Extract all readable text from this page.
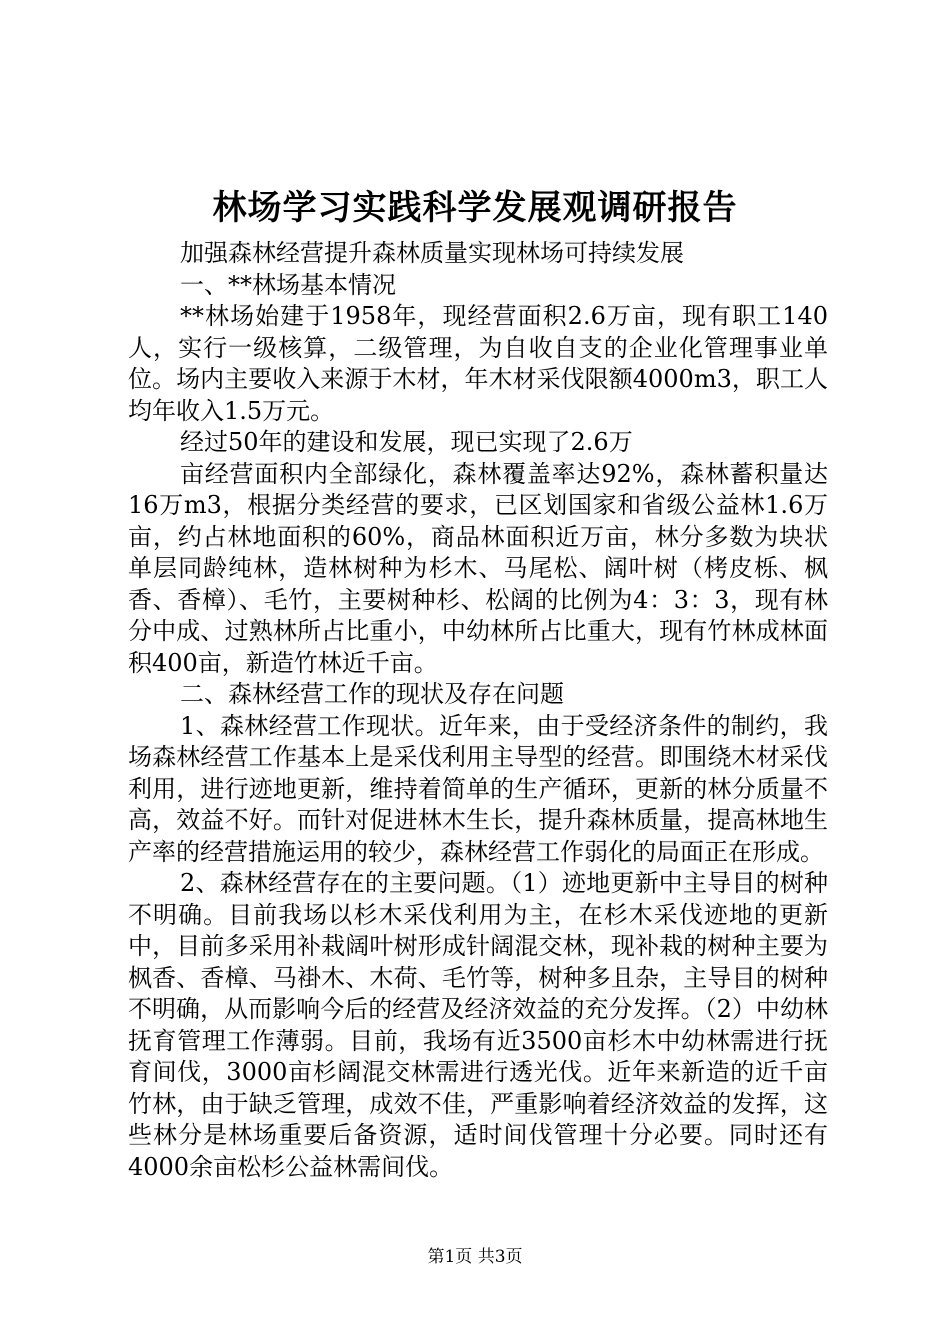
林场学习实践科学发展观调研报告

加强森林经营提升森林质量实现林场可持续发展

一、**林场基本情况

**林场始建于1958年，现经营面积2.6万亩，现有职工140人，实行一级核算，二级管理，为自收自支的企业化管理事业单位。场内主要收入来源于木材，年木材采伐限额4000m3，职工人均年收入1.5万元。

经过50年的建设和发展，现已实现了2.6万

亩经营面积内全部绿化，森林覆盖率达92%，森林蓄积量达16万m3，根据分类经营的要求，已区划国家和省级公益林1.6万亩，约占林地面积的60%，商品林面积近万亩，林分多数为块状单层同龄纯林，造林树种为杉木、马尾松、阔叶树（栲皮栎、枫香、香樟）、毛竹，主要树种杉、松阔的比例为4：3：3，现有林分中成、过熟林所占比重小，中幼林所占比重大，现有竹林成林面积400亩，新造竹林近千亩。

二、森林经营工作的现状及存在问题

1、森林经营工作现状。近年来，由于受经济条件的制约，我场森林经营工作基本上是采伐利用主导型的经营。即围绕木材采伐利用，进行迹地更新，维持着简单的生产循环，更新的林分质量不高，效益不好。而针对促进林木生长，提升森林质量，提高林地生产率的经营措施运用的较少，森林经营工作弱化的局面正在形成。

2、森林经营存在的主要问题。（1）迹地更新中主导目的树种不明确。目前我场以杉木采伐利用为主，在杉木采伐迹地的更新中，目前多采用补栽阔叶树形成针阔混交林，现补栽的树种主要为枫香、香樟、马褂木、木荷、毛竹等，树种多且杂，主导目的树种不明确，从而影响今后的经营及经济效益的充分发挥。（2）中幼林抚育管理工作薄弱。目前，我场有近3500亩杉木中幼林需进行抚育间伐，3000亩杉阔混交林需进行透光伐。近年来新造的近千亩竹林，由于缺乏管理，成效不佳，严重影响着经济效益的发挥，这些林分是林场重要后备资源，适时间伐管理十分必要。同时还有4000余亩松杉公益林需间伐。

第1页 共3页
